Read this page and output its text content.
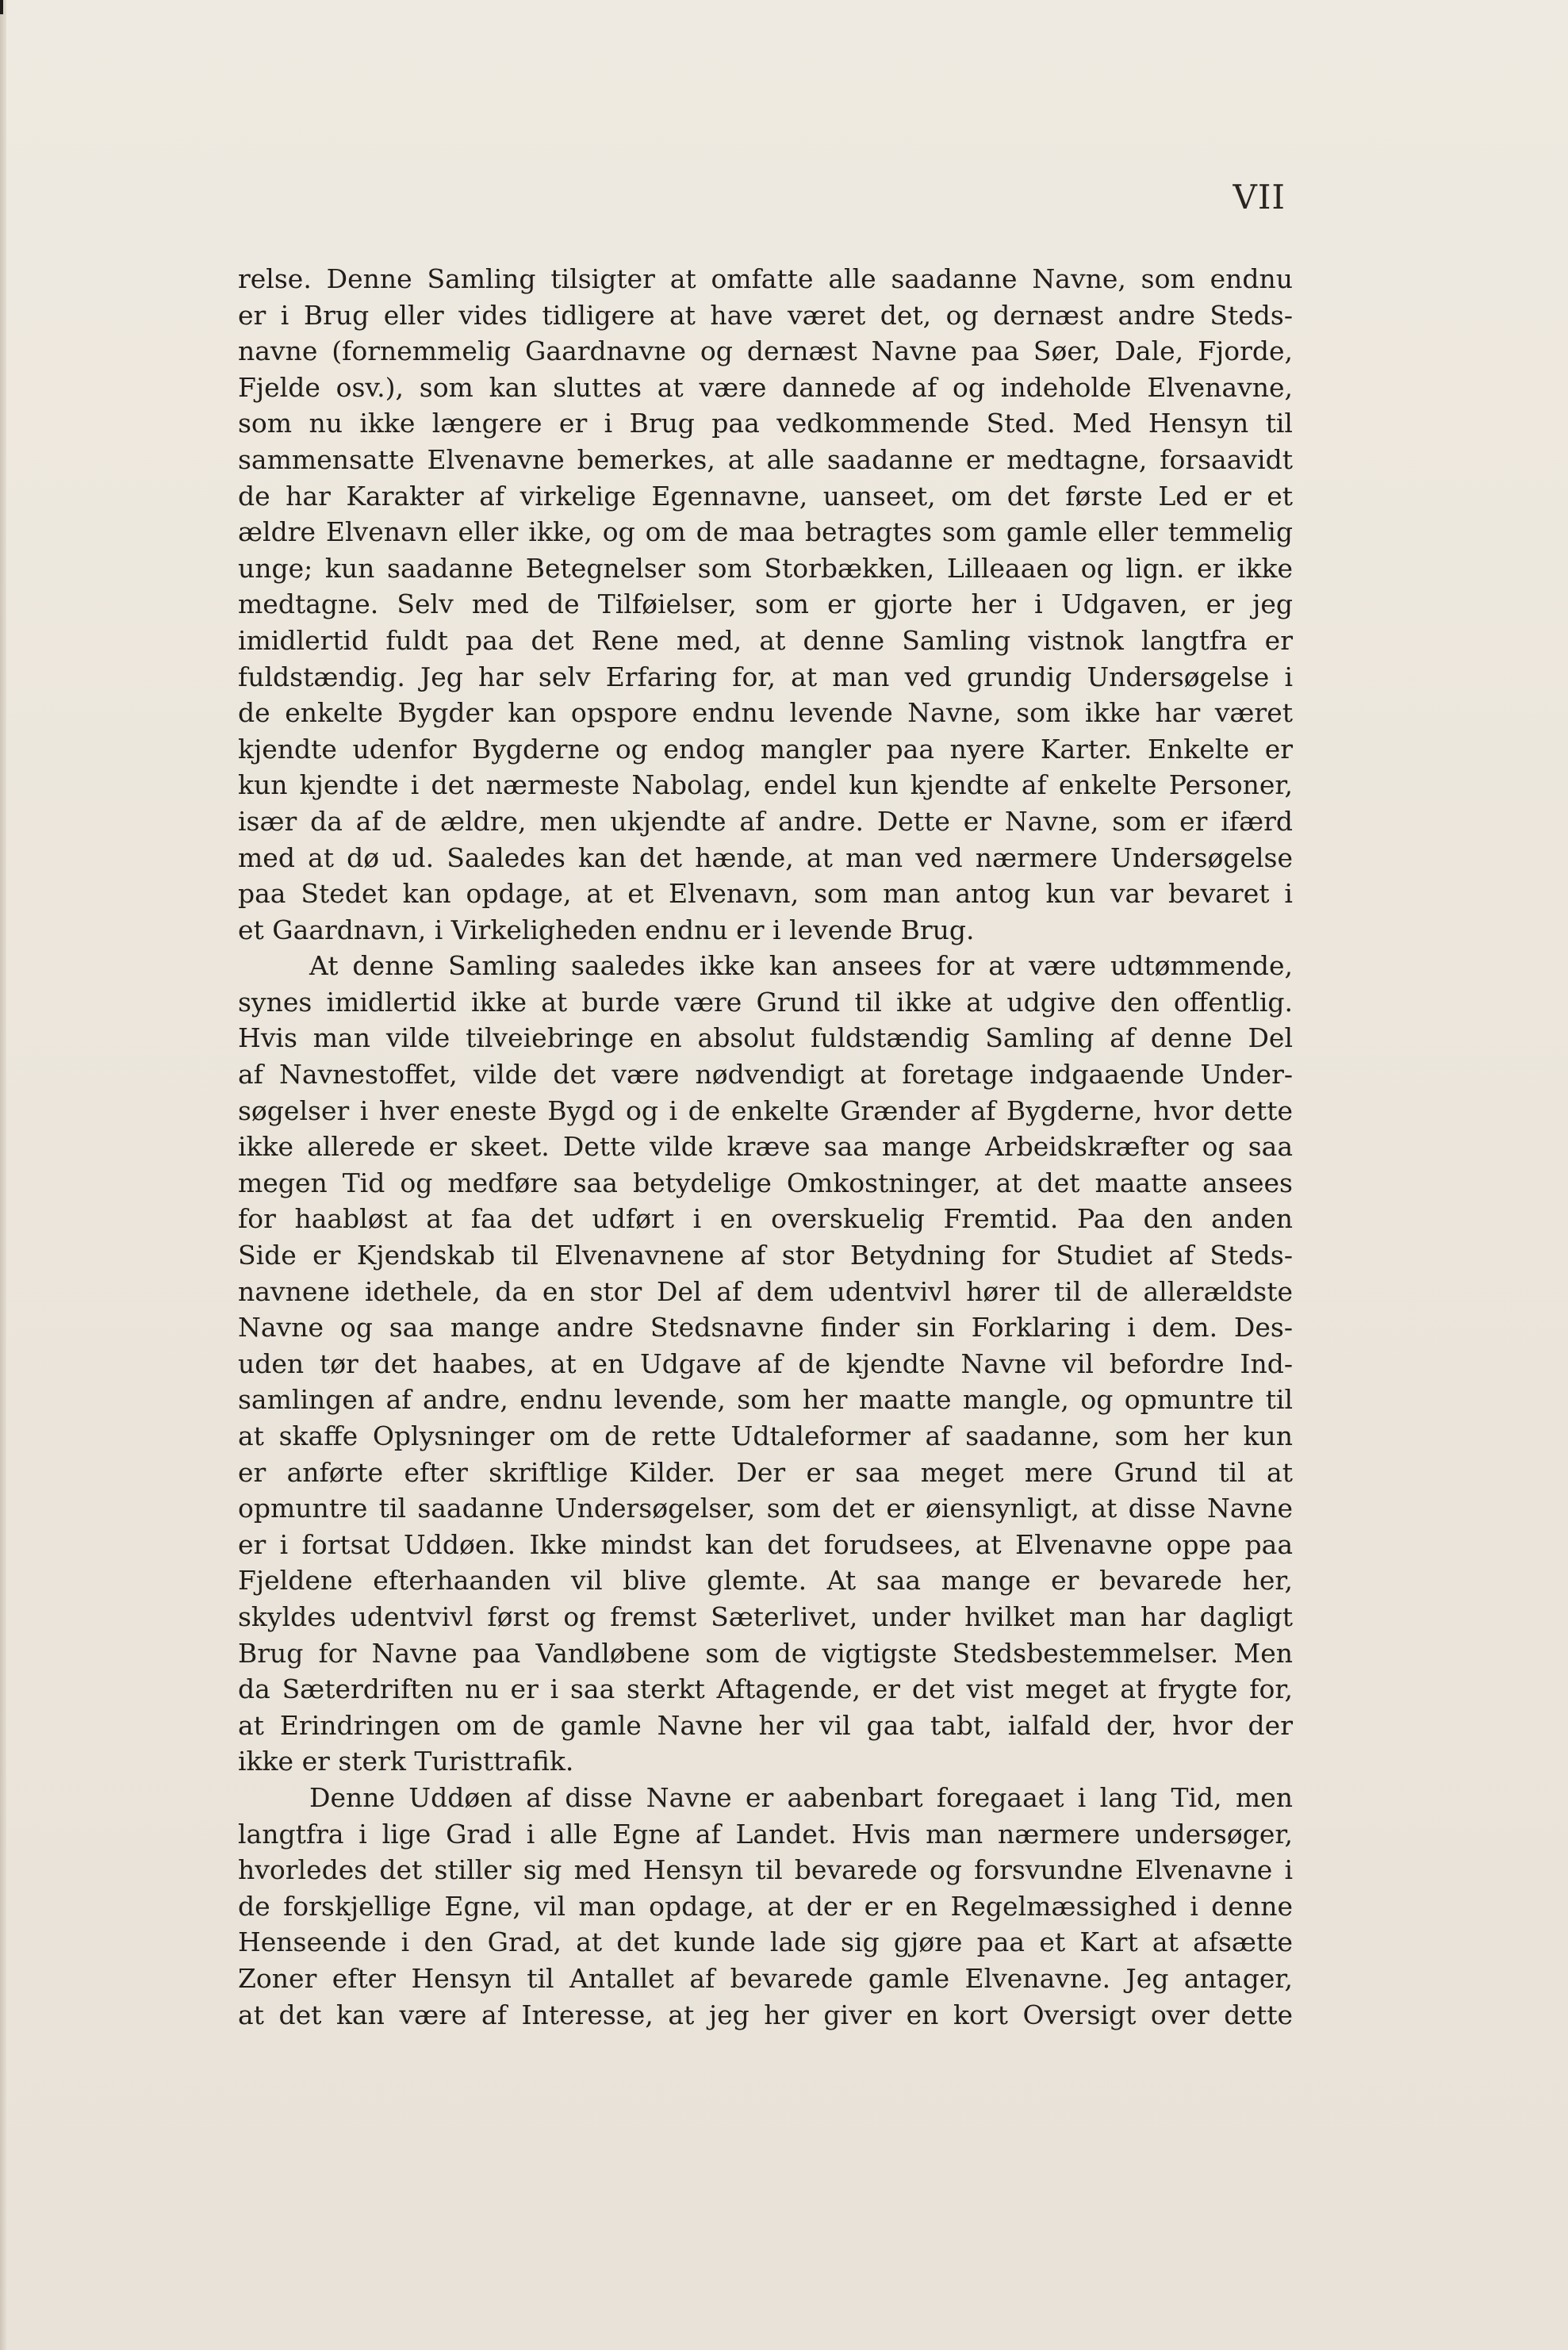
VII
relse. Denne Samling tilsigter at omfatte alle saadanne Navne, som endnu
er i Brug eller vides tidligere at have været det, og dernæst andre Steds-
navne (fornemmelig Gaardnavne og dernæst Navne paa Søer, Dale, Fjorde,
Fjelde osv.), som kan sluttes at være dannede af og indeholde Elvenavne,
som nu ikke længere er i Brug paa vedkommende Sted. Med Hensyn til
sammensatte Elvenavne bemerkes, at alle saadanne er medtagne, forsaavidt
de har Karakter af virkelige Egennavne, uanseet, om det første Led er et
ældre Elvenavn eller ikke, og om de maa betragtes som gamle eller temmelig
unge; kun saadanne Betegnelser som Storbækken, Lilleaaen og lign. er ikke
medtagne. Selv med de Tilføielser, som er gjorte her i Udgaven, er jeg
imidlertid fuldt paa det Rene med, at denne Samling vistnok langtfra er
fuldstændig. Jeg har selv Erfaring for, at man ved grundig Undersøgelse i
de enkelte Bygder kan opspore endnu levende Navne, som ikke har været
kjendte udenfor Bygderne og endog mangler paa nyere Karter. Enkelte er
kun kjendte i det nærmeste Nabolag, endel kun kjendte af enkelte Personer,
især da af de ældre, men ukjendte af andre. Dette er Navne, som er ifærd
med at dø ud. Saaledes kan det hænde, at man ved nærmere Undersøgelse
paa Stedet kan opdage, at et Elvenavn, som man antog kun var bevaret i
et Gaardnavn, i Virkeligheden endnu er i levende Brug.
At denne Samling saaledes ikke kan ansees for at være udtømmende,
synes imidlertid ikke at burde være Grund til ikke at udgive den offentlig.
Hvis man vilde tilveiebringe en absolut fuldstændig Samling af denne Del
af Navnestoffet, vilde det være nødvendigt at foretage indgaaende Under-
søgelser i hver eneste Bygd og i de enkelte Grænder af Bygderne, hvor dette
ikke allerede er skeet. Dette vilde kræve saa mange Arbeidskræfter og saa
megen Tid og medføre saa betydelige Omkostninger, at det maatte ansees
for haabløst at faa det udført i en overskuelig Fremtid. Paa den anden
Side er Kjendskab til Elvenavnene af stor Betydning for Studiet af Steds-
navnene idethele, da en stor Del af dem udentvivl hører til de allerældste
Navne og saa mange andre Stedsnavne finder sin Forklaring i dem. Des-
uden tør det haabes, at en Udgave af de kjendte Navne vil befordre Ind-
samlingen af andre, endnu levende, som her maatte mangle, og opmuntre til
at skaffe Oplysninger om de rette Udtaleformer af saadanne, som her kun
er anførte efter skriftlige Kilder. Der er saa meget mere Grund til at
opmuntre til saadanne Undersøgelser, som det er øiensynligt, at disse Navne
er i fortsat Uddøen. Ikke mindst kan det forudsees, at Elvenavne oppe paa
Fjeldene efterhaanden vil blive glemte. At saa mange er bevarede her,
skyldes udentvivl først og fremst Sæterlivet, under hvilket man har dagligt
Brug for Navne paa Vandløbene som de vigtigste Stedsbestemmelser. Men
da Sæterdriften nu er i saa sterkt Aftagende, er det vist meget at frygte for,
at Erindringen om de gamle Navne her vil gaa tabt, ialfald der, hvor der
ikke er sterk Turisttrafik.
Denne Uddøen af disse Navne er aabenbart foregaaet i lang Tid, men
langtfra i lige Grad i alle Egne af Landet. Hvis man nærmere undersøger,
hvorledes det stiller sig med Hensyn til bevarede og forsvundne Elvenavne i
de forskjellige Egne, vil man opdage, at der er en Regelmæssighed i denne
Henseende i den Grad, at det kunde lade sig gjøre paa et Kart at afsætte
Zoner efter Hensyn til Antallet af bevarede gamle Elvenavne. Jeg antager,
at det kan være af Interesse, at jeg her giver en kort Oversigt over dette
